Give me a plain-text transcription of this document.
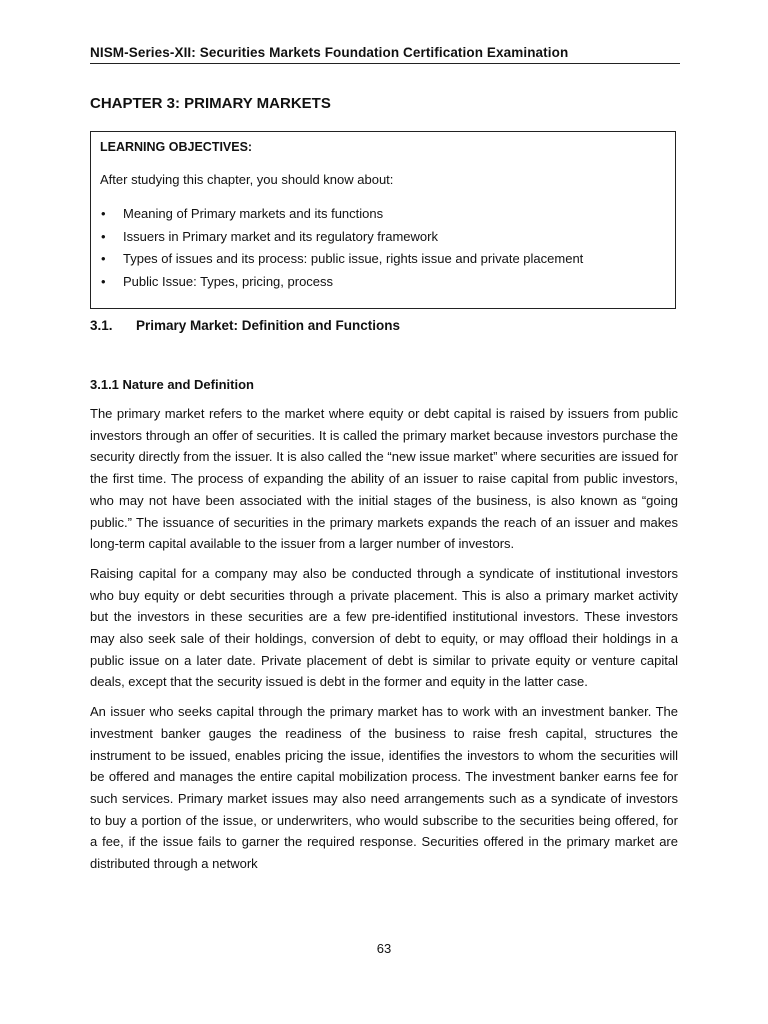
NISM-Series-XII: Securities Markets Foundation Certification Examination
CHAPTER 3: PRIMARY MARKETS
LEARNING OBJECTIVES:
After studying this chapter, you should know about:
• Meaning of Primary markets and its functions
• Issuers in Primary market and its regulatory framework
• Types of issues and its process: public issue, rights issue and private placement
• Public Issue: Types, pricing, process
3.1. Primary Market: Definition and Functions
3.1.1 Nature and Definition

The primary market refers to the market where equity or debt capital is raised by issuers from public investors through an offer of securities. It is called the primary market because investors purchase the security directly from the issuer. It is also called the “new issue market” where securities are issued for the first time. The process of expanding the ability of an issuer to raise capital from public investors, who may not have been associated with the initial stages of the business, is also known as “going public.” The issuance of securities in the primary markets expands the reach of an issuer and makes long-term capital available to the issuer from a larger number of investors.

Raising capital for a company may also be conducted through a syndicate of institutional investors who buy equity or debt securities through a private placement. This is also a primary market activity but the investors in these securities are a few pre-identified institutional investors. These investors may also seek sale of their holdings, conversion of debt to equity, or may offload their holdings in a public issue on a later date. Private placement of debt is similar to private equity or venture capital deals, except that the security issued is debt in the former and equity in the latter case.

An issuer who seeks capital through the primary market has to work with an investment banker. The investment banker gauges the readiness of the business to raise fresh capital, structures the instrument to be issued, enables pricing the issue, identifies the investors to whom the securities will be offered and manages the entire capital mobilization process. The investment banker earns fee for such services. Primary market issues may also need arrangements such as a syndicate of investors to buy a portion of the issue, or underwriters, who would subscribe to the securities being offered, for a fee, if the issue fails to garner the required response. Securities offered in the primary market are distributed through a network

63
